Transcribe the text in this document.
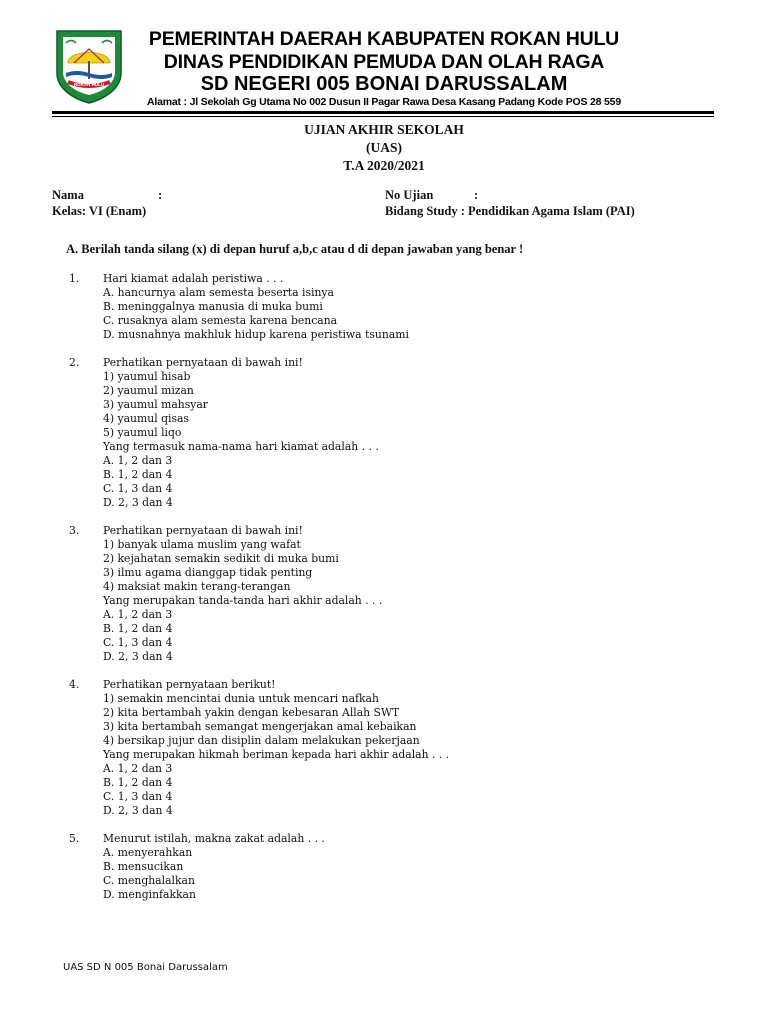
ROKAN HULU
PEMERINTAH DAERAH KABUPATEN ROKAN HULU
DINAS PENDIDIKAN PEMUDA DAN OLAH RAGA
SD NEGERI 005 BONAI DARUSSALAM
Alamat : Jl Sekolah Gg Utama No 002 Dusun II Pagar Rawa Desa Kasang Padang Kode POS 28 559
UJIAN AKHIR SEKOLAH
(UAS)
T.A 2020/2021
Nama	:
Kelas: VI (Enam)
No Ujian	:
Bidang Study : Pendidikan Agama Islam (PAI)
A. Berilah tanda silang (x) di depan huruf a,b,c atau d di depan jawaban yang benar !
1. Hari kiamat adalah peristiwa . . .
A. hancurnya alam semesta beserta isinya
B. meninggalnya manusia di muka bumi
C. rusaknya alam semesta karena bencana
D. musnahnya makhluk hidup karena peristiwa tsunami
2. Perhatikan pernyataan di bawah ini!
1) yaumul hisab
2) yaumul mizan
3) yaumul mahsyar
4) yaumul qisas
5) yaumul liqo
Yang termasuk nama-nama hari kiamat adalah . . .
A. 1, 2 dan 3
B. 1, 2 dan 4
C. 1, 3 dan 4
D. 2, 3 dan 4
3. Perhatikan pernyataan di bawah ini!
1) banyak ulama muslim yang wafat
2) kejahatan semakin sedikit di muka bumi
3) ilmu agama dianggap tidak penting
4) maksiat makin terang-terangan
Yang merupakan tanda-tanda hari akhir adalah . . .
A. 1, 2 dan 3
B. 1, 2 dan 4
C. 1, 3 dan 4
D. 2, 3 dan 4
4. Perhatikan pernyataan berikut!
1) semakin mencintai dunia untuk mencari nafkah
2) kita bertambah yakin dengan kebesaran Allah SWT
3) kita bertambah semangat mengerjakan amal kebaikan
4) bersikap jujur dan disiplin dalam melakukan pekerjaan
Yang merupakan hikmah beriman kepada hari akhir adalah . . .
A. 1, 2 dan 3
B. 1, 2 dan 4
C. 1, 3 dan 4
D. 2, 3 dan 4
5. Menurut istilah, makna zakat adalah . . .
A. menyerahkan
B. mensucikan
C. menghalalkan
D. menginfakkan
UAS SD N 005 Bonai Darussalam
